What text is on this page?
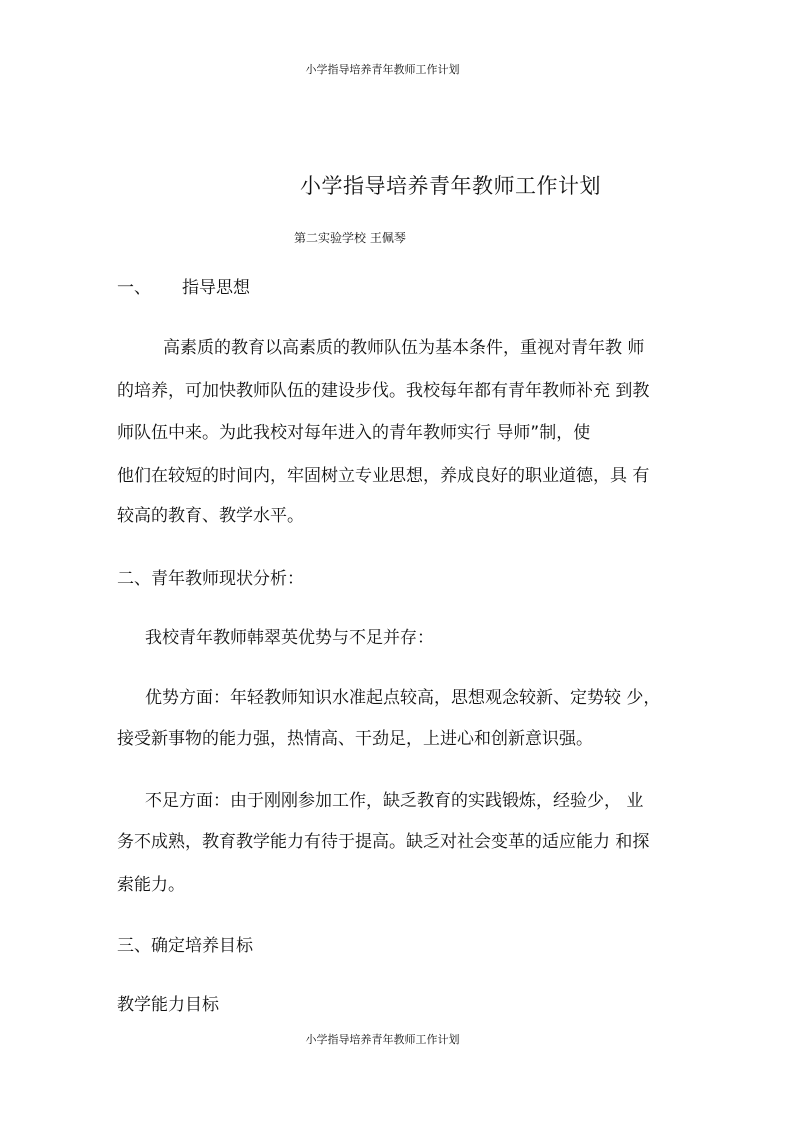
小学指导培养青年教师工作计划
小学指导培养青年教师工作计划
第二实验学校 王佩琴
一、 指导思想
高素质的教育以高素质的教师队伍为基本条件，重视对青年教 师
的培养，可加快教师队伍的建设步伐。我校每年都有青年教师补充 到教
师队伍中来。为此我校对每年进入的青年教师实行 导师”制，使
他们在较短的时间内，牢固树立专业思想，养成良好的职业道德，具 有
较高的教育、教学水平。
二、青年教师现状分析：
我校青年教师韩翠英优势与不足并存：
优势方面：年轻教师知识水准起点较高，思想观念较新、定势较 少，
接受新事物的能力强，热情高、干劲足，上进心和创新意识强。
不足方面：由于刚刚参加工作，缺乏教育的实践锻炼，经验少， 业
务不成熟，教育教学能力有待于提高。缺乏对社会变革的适应能力 和探
索能力。
三、确定培养目标
教学能力目标
小学指导培养青年教师工作计划
